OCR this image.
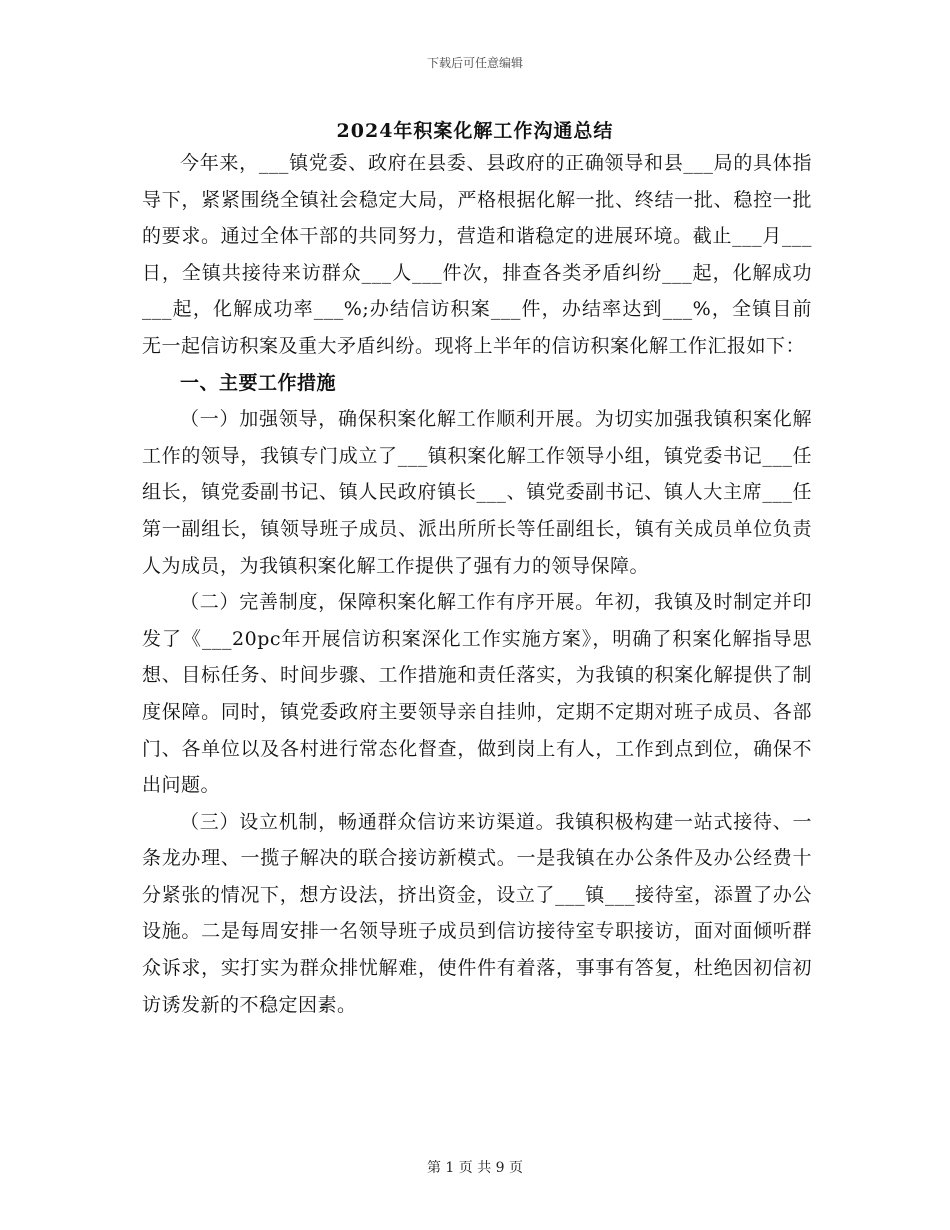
下载后可任意编辑
2024年积案化解工作沟通总结

今年来，___镇党委、政府在县委、县政府的正确领导和县___局的具体指导下，紧紧围绕全镇社会稳定大局，严格根据化解一批、终结一批、稳控一批的要求。通过全体干部的共同努力，营造和谐稳定的进展环境。截止___月___日，全镇共接待来访群众___人___件次，排查各类矛盾纠纷___起，化解成功___起，化解成功率___%;办结信访积案___件，办结率达到___%，全镇目前无一起信访积案及重大矛盾纠纷。现将上半年的信访积案化解工作汇报如下：

一、主要工作措施

（一）加强领导，确保积案化解工作顺利开展。为切实加强我镇积案化解工作的领导，我镇专门成立了___镇积案化解工作领导小组，镇党委书记___任组长，镇党委副书记、镇人民政府镇长___、镇党委副书记、镇人大主席___任第一副组长，镇领导班子成员、派出所所长等任副组长，镇有关成员单位负责人为成员，为我镇积案化解工作提供了强有力的领导保障。

（二）完善制度，保障积案化解工作有序开展。年初，我镇及时制定并印发了《___20pc年开展信访积案深化工作实施方案》，明确了积案化解指导思想、目标任务、时间步骤、工作措施和责任落实，为我镇的积案化解提供了制度保障。同时，镇党委政府主要领导亲自挂帅，定期不定期对班子成员、各部门、各单位以及各村进行常态化督查，做到岗上有人，工作到点到位，确保不出问题。

（三）设立机制，畅通群众信访来访渠道。我镇积极构建一站式接待、一条龙办理、一揽子解决的联合接访新模式。一是我镇在办公条件及办公经费十分紧张的情况下，想方设法，挤出资金，设立了___镇___接待室，添置了办公设施。二是每周安排一名领导班子成员到信访接待室专职接访，面对面倾听群众诉求，实打实为群众排忧解难，使件件有着落，事事有答复，杜绝因初信初访诱发新的不稳定因素。

第 1 页 共 9 页
